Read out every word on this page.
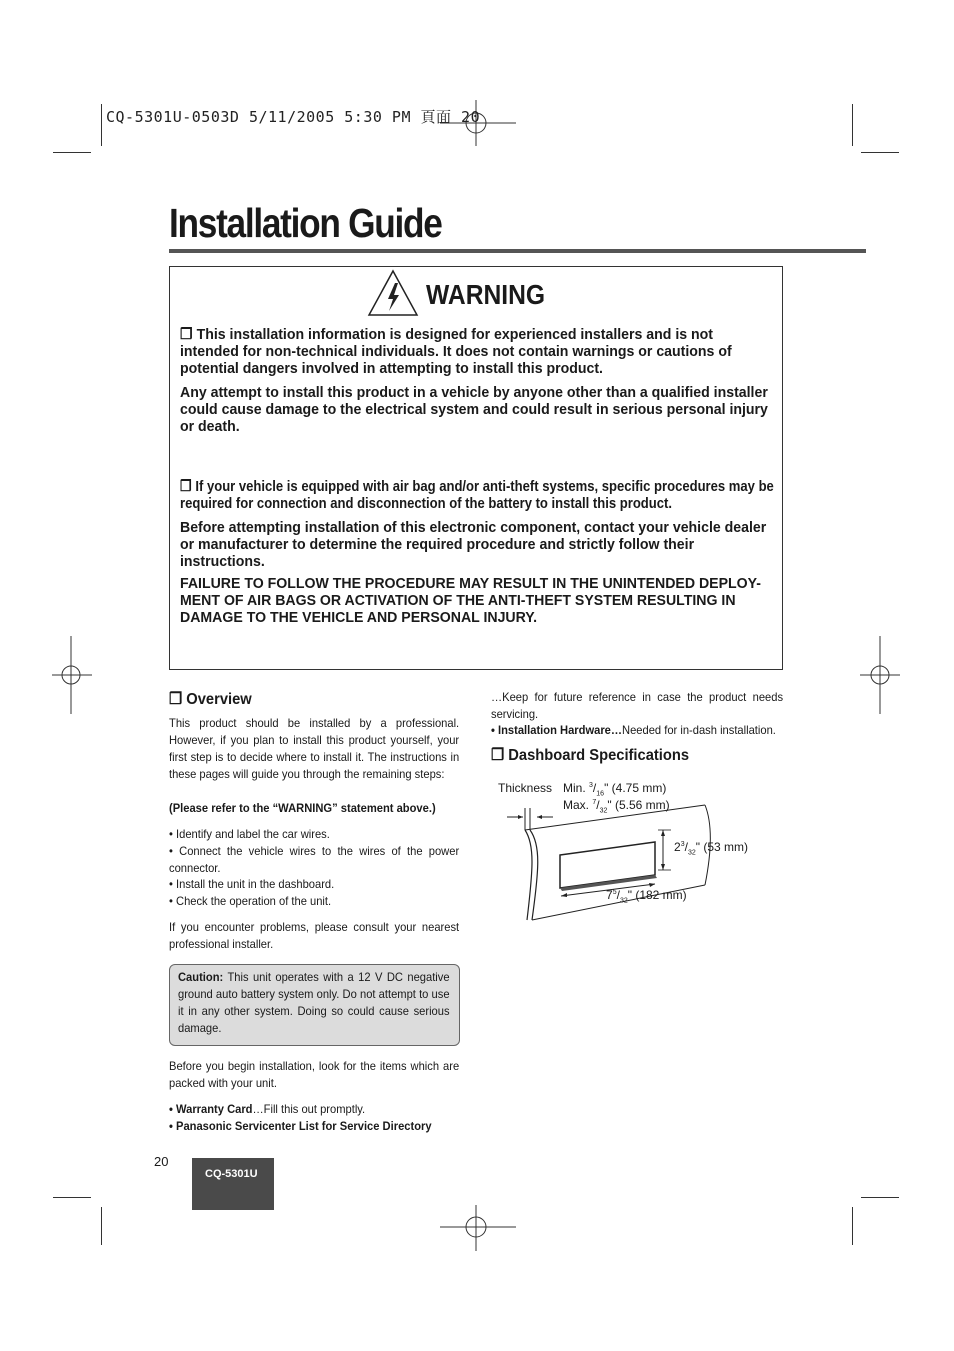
CQ-5301U-0503D 5/11/2005 5:30 PM 頁面 20
Installation Guide
WARNING
❒ This installation information is designed for experienced installers and is not intended for non-technical individuals. It does not contain warnings or cautions of potential dangers involved in attempting to install this product.
Any attempt to install this product in a vehicle by anyone other than a qualified installer could cause damage to the electrical system and could result in serious personal injury or death.
❒ If your vehicle is equipped with air bag and/or anti-theft systems, specific procedures may be required for connection and disconnection of the battery to install this product.
Before attempting installation of this electronic component, contact your vehicle dealer or manufacturer to determine the required procedure and strictly follow their instructions.
FAILURE TO FOLLOW THE PROCEDURE MAY RESULT IN THE UNINTENDED DEPLOY- MENT OF AIR BAGS OR ACTIVATION OF THE ANTI-THEFT SYSTEM RESULTING IN DAMAGE TO THE VEHICLE AND PERSONAL INJURY.
❒ Overview
This product should be installed by a professional. However, if you plan to install this product yourself, your first step is to decide where to install it. The instructions in these pages will guide you through the remaining steps:
(Please refer to the “WARNING” statement above.)
• Identify and label the car wires.
• Connect the vehicle wires to the wires of the power connector.
• Install the unit in the dashboard.
• Check the operation of the unit.
If you encounter problems, please consult your nearest professional installer.
Caution: This unit operates with a 12 V DC negative ground auto battery system only. Do not attempt to use it in any other system. Doing so could cause serious damage.
Before you begin installation, look for the items which are packed with your unit.
• Warranty Card…Fill this out promptly.
• Panasonic Servicenter List for Service Directory
…Keep for future reference in case the product needs servicing.
• Installation Hardware…Needed for in-dash installation.
❒ Dashboard Specifications
Thickness Min. $^3/_{16}$" (4.75 mm)
Max. $^7/_{32}$" (5.56 mm)
$2^3/_{32}$" (53 mm)
$7^5/_{32}$" (182 mm)
20
CQ-5301U
